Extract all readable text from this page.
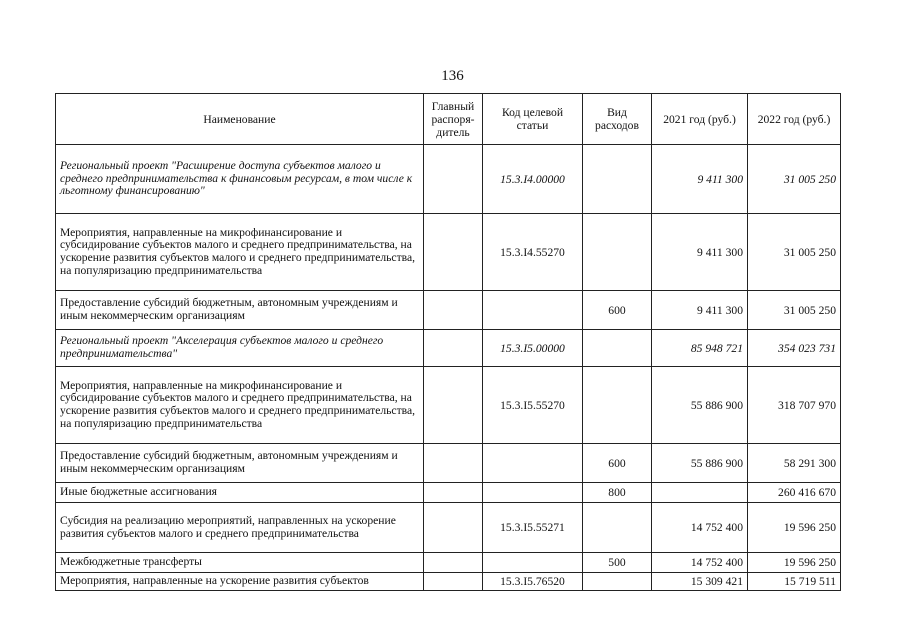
136
Наименование	Главный распоря-дитель	Код целевой статьи	Вид расходов	2021 год (руб.)	2022 год (руб.)
Региональный проект "Расширение доступа субъектов малого и среднего предпринимательства к финансовым ресурсам, в том числе к льготному финансированию"		15.3.I4.00000		9 411 300	31 005 250
Мероприятия, направленные на микрофинансирование и субсидирование субъектов малого и среднего предпринимательства, на ускорение развития субъектов малого и среднего предпринимательства, на популяризацию предпринимательства		15.3.I4.55270		9 411 300	31 005 250
Предоставление субсидий бюджетным, автономным учреждениям и иным некоммерческим организациям			600	9 411 300	31 005 250
Региональный проект "Акселерация субъектов малого и среднего предпринимательства"		15.3.I5.00000		85 948 721	354 023 731
Мероприятия, направленные на микрофинансирование и субсидирование субъектов малого и среднего предпринимательства, на ускорение развития субъектов малого и среднего предпринимательства, на популяризацию предпринимательства		15.3.I5.55270		55 886 900	318 707 970
Предоставление субсидий бюджетным, автономным учреждениям и иным некоммерческим организациям			600	55 886 900	58 291 300
Иные бюджетные ассигнования			800		260 416 670
Субсидия на реализацию мероприятий, направленных на ускорение развития субъектов малого и среднего предпринимательства		15.3.I5.55271		14 752 400	19 596 250
Межбюджетные трансферты			500	14 752 400	19 596 250
Мероприятия, направленные на ускорение развития субъектов		15.3.I5.76520		15 309 421	15 719 511
